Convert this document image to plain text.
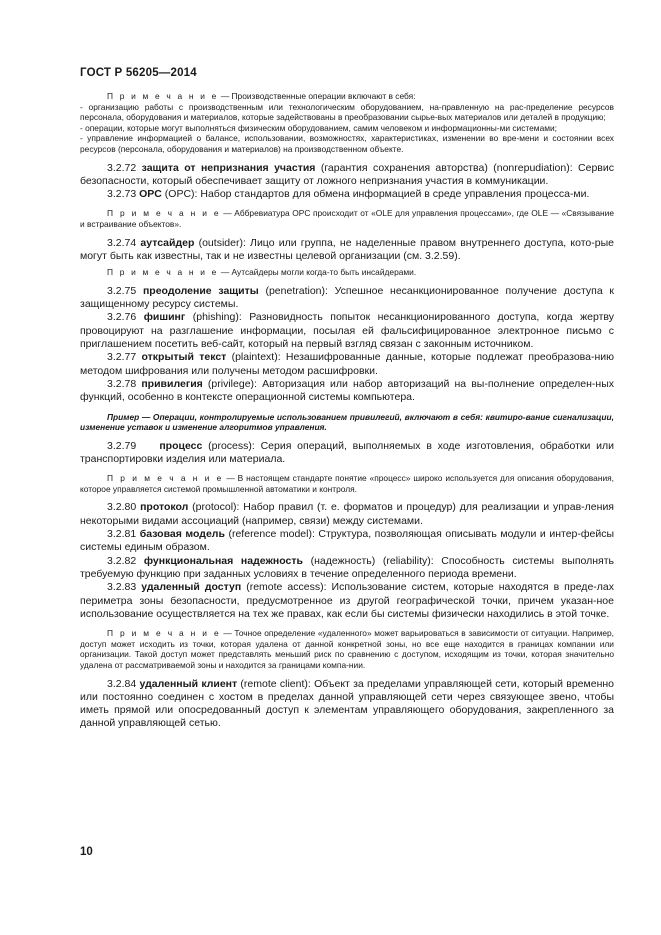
ГОСТ Р 56205—2014

П р и м е ч а н и е — Производственные операции включают в себя:

- организацию работы с производственным или технологическим оборудованием, на-правленную на рас-пределение ресурсов персонала, оборудования и материалов, которые задействованы в преобразовании сырье-вых материалов или деталей в продукцию;

- операции, которые могут выполняться физическим оборудованием, самим человеком и информационны-ми системами;

- управление информацией о балансе, использовании, возможностях, характеристиках, изменении во вре-мени и состоянии всех ресурсов (персонала, оборудования и материалов) на производственном объекте.

3.2.72 защита от непризнания участия (гарантия сохранения авторства) (nonrepudiation): Сервис безопасности, который обеспечивает защиту от ложного непризнания участия в коммуникации.

3.2.73 OPC (OPC): Набор стандартов для обмена информацией в среде управления процесса-ми.

П р и м е ч а н и е — Аббревиатура OPC происходит от «OLE для управления процессами», где OLE — «Связывание и встраивание объектов».

3.2.74 аутсайдер (outsider): Лицо или группа, не наделенные правом внутреннего доступа, кото-рые могут быть как известны, так и не известны целевой организации (см. 3.2.59).

П р и м е ч а н и е — Аутсайдеры могли когда-то быть инсайдерами.

3.2.75 преодоление защиты (penetration): Успешное несанкционированное получение доступа к защищенному ресурсу системы.

3.2.76 фишинг (phishing): Разновидность попыток несанкционированного доступа, когда жертву провоцируют на разглашение информации, посылая ей фальсифицированное электронное письмо с приглашением посетить веб-сайт, который на первый взгляд связан с законным источником.

3.2.77 открытый текст (plaintext): Незашифрованные данные, которые подлежат преобразова-нию методом шифрования или получены методом расшифровки.

3.2.78 привилегия (privilege): Авторизация или набор авторизаций на вы-полнение определен-ных функций, особенно в контексте операционной системы компьютера.

Пример — Операции, контролируемые использованием привилегий, включают в себя: квитиро-вание сигнализации, изменение уставок и изменение алгоритмов управления.

3.2.79 процесс (process): Серия операций, выполняемых в ходе изготовления, обработки или транспортировки изделия или материала.

П р и м е ч а н и е — В настоящем стандарте понятие «процесс» широко используется для описания оборудования, которое управляется системой промышленной автоматики и контроля.

3.2.80 протокол (protocol): Набор правил (т. е. форматов и процедур) для реализации и управ-ления некоторыми видами ассоциаций (например, связи) между системами.

3.2.81 базовая модель (reference model): Структура, позволяющая описывать модули и интер-фейсы системы единым образом.

3.2.82 функциональная надежность (надежность) (reliability): Способность системы выполнять требуемую функцию при заданных условиях в течение определенного периода времени.

3.2.83 удаленный доступ (remote access): Использование систем, которые находятся в преде-лах периметра зоны безопасности, предусмотренное из другой географической точки, причем указан-ное использование осуществляется на тех же правах, как если бы системы физически находились в этой точке.

П р и м е ч а н и е — Точное определение «удаленного» может варьироваться в зависимости от ситуации. Например, доступ может исходить из точки, которая удалена от данной конкретной зоны, но все еще находится в границах компании или организации. Такой доступ может представлять меньший риск по сравнению с доступом, исходящим из точки, которая значительно удалена от рассматриваемой зоны и находится за границами компа-нии.

3.2.84 удаленный клиент (remote client): Объект за пределами управляющей сети, который временно или постоянно соединен с хостом в пределах данной управляющей сети через связующее звено, чтобы иметь прямой или опосредованный доступ к элементам управляющего оборудования, закрепленного за данной управляющей сетью.

10
